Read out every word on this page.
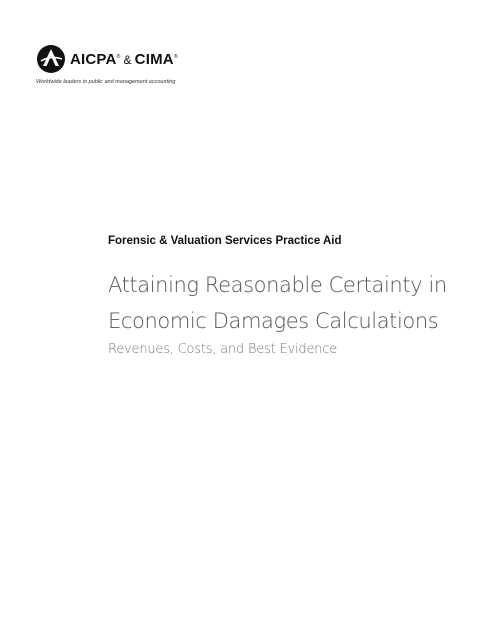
AICPA® & CIMA®
Worldwide leaders in public and management accounting

Forensic & Valuation Services Practice Aid

Attaining Reasonable Certainty in
Economic Damages Calculations

Revenues, Costs, and Best Evidence
